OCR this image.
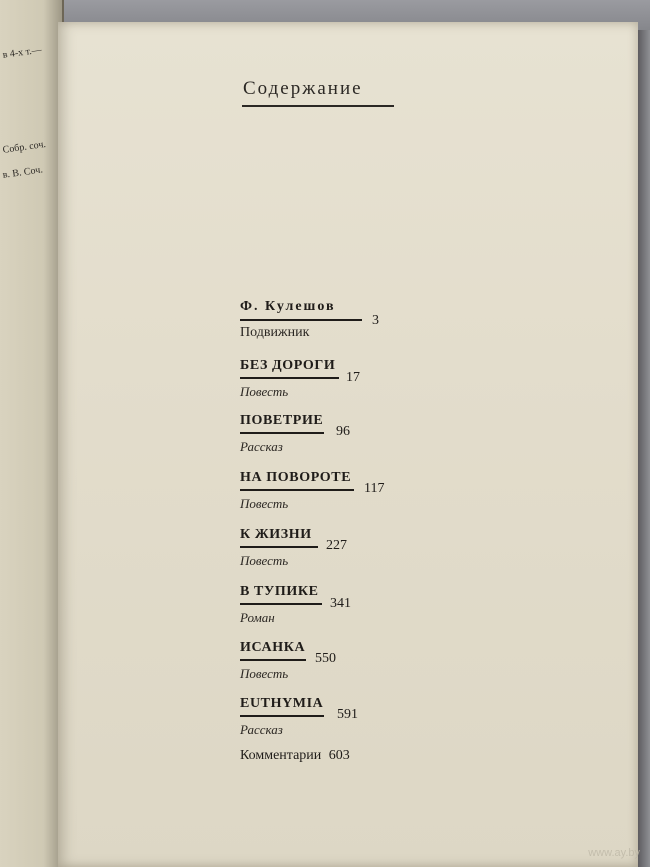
в 4-х т.—
Собр. соч.
в. В. Соч.
Содержание
Ф. Кулешов
3
Подвижник
БЕЗ ДОРОГИ
17
Повесть
ПОВЕТРИЕ
96
Рассказ
НА ПОВОРОТЕ
117
Повесть
К ЖИЗНИ
227
Повесть
В ТУПИКЕ
341
Роман
ИСАНКА
550
Повесть
EUTHYMIA
591
Рассказ
Комментарии 603
www.ay.by
